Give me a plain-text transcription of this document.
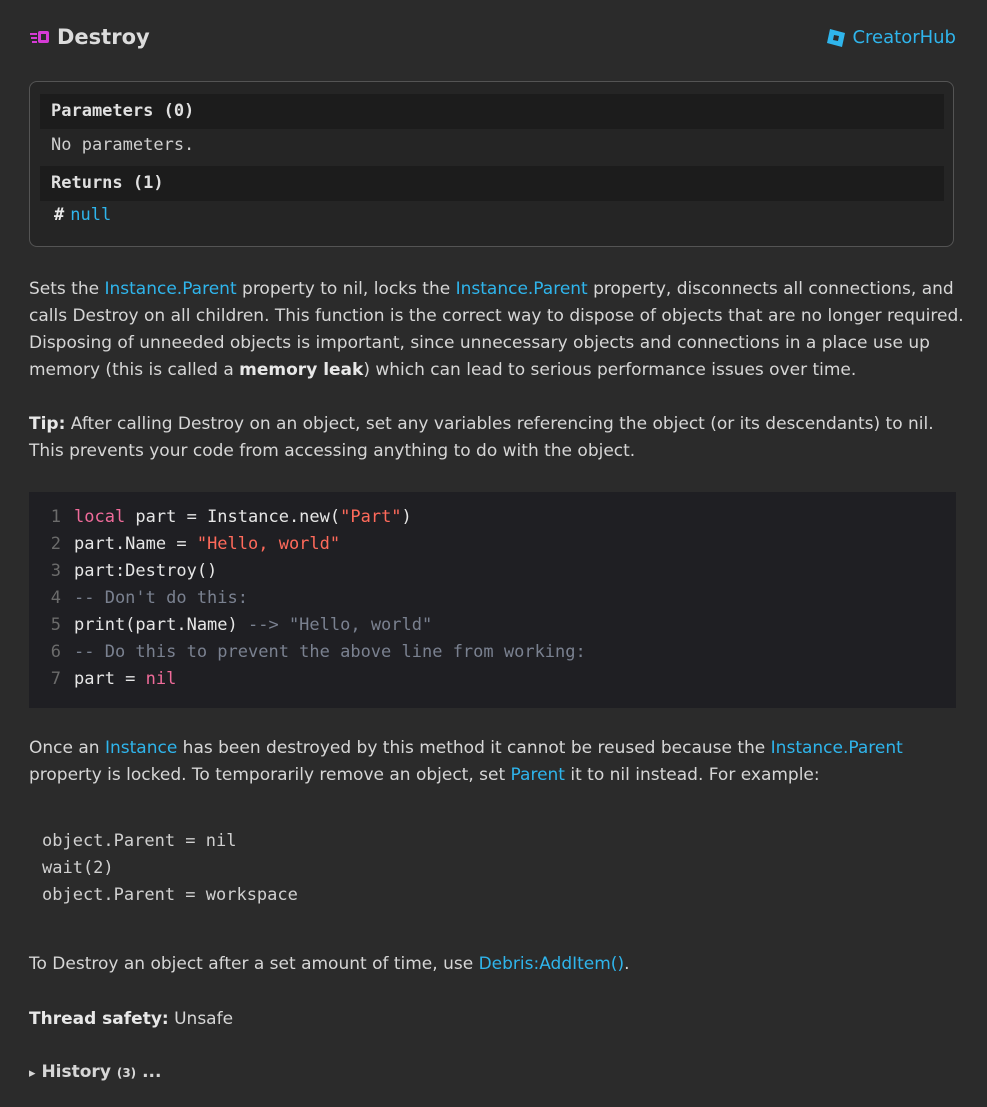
Destroy	CreatorHub
Parameters (0)
No parameters.
Returns (1)
# null
Sets the Instance.Parent property to nil, locks the Instance.Parent property, disconnects all connections, and calls Destroy on all children. This function is the correct way to dispose of objects that are no longer required. Disposing of unneeded objects is important, since unnecessary objects and connections in a place use up memory (this is called a memory leak) which can lead to serious performance issues over time.
Tip: After calling Destroy on an object, set any variables referencing the object (or its descendants) to nil. This prevents your code from accessing anything to do with the object.
1 local part = Instance.new("Part")
2 part.Name = "Hello, world"
3 part:Destroy()
4 -- Don't do this:
5 print(part.Name) --> "Hello, world"
6 -- Do this to prevent the above line from working:
7 part = nil
Once an Instance has been destroyed by this method it cannot be reused because the Instance.Parent property is locked. To temporarily remove an object, set Parent it to nil instead. For example:
object.Parent = nil
wait(2)
object.Parent = workspace
To Destroy an object after a set amount of time, use Debris:AddItem().
Thread safety: Unsafe
▸ History (3) ...
